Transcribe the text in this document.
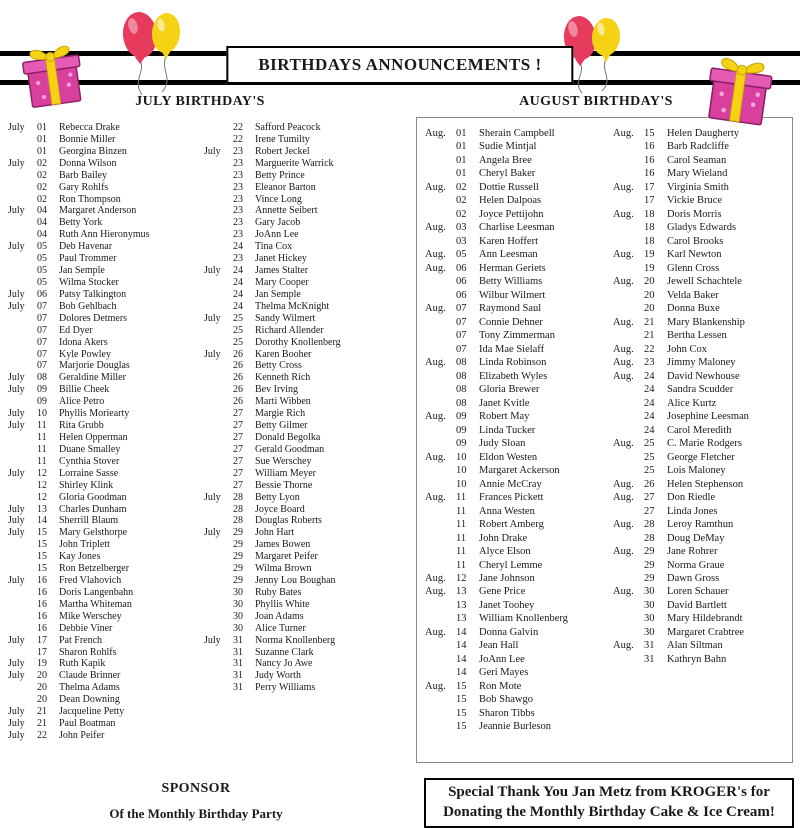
BIRTHDAYS ANNOUNCEMENTS !
JULY BIRTHDAY'S	AUGUST BIRTHDAY'S
July	01	Rebecca Drake
01	Bonnie Miller
01	Georgina Binzen
July	02	Donna Wilson
02	Barb Bailey
02	Gary Rohlfs
02	Ron Thompson
July	04	Margaret Anderson
04	Betty York
04	Ruth Ann Hieronymus
July	05	Deb Havenar
05	Paul Trommer
05	Jan Semple
05	Wilma Stocker
July	06	Patsy Talkington
July	07	Bob Gehlbach
07	Dolores Detmers
07	Ed Dyer
07	Idona Akers
07	Kyle Powley
07	Marjorie Douglas
July	08	Geraldine Miller
July	09	Billie Cheek
09	Alice Petro
July	10	Phyllis Moriearty
July	11	Rita Grubb
11	Helen Opperman
11	Duane Smalley
11	Cynthia Stover
July	12	Lorraine Sasse
12	Shirley Klink
12	Gloria Goodman
July	13	Charles Dunham
July	14	Sherrill Blaum
July	15	Mary Gelsthorpe
15	John Triplett
15	Kay Jones
15	Ron Betzelberger
July	16	Fred Vlahovich
16	Doris Langenbahn
16	Martha Whiteman
16	Mike Werschey
16	Debbie Viner
July	17	Pat French
17	Sharon Rohlfs
July	19	Ruth Kapik
July	20	Claude Brinner
20	Thelma Adams
20	Dean Downing
July	21	Jacqueline Petty
July	21	Paul Boatman
July	22	John Peifer
22	Safford Peacock
22	Irene Tumilty
July	23	Robert Jeckel
23	Marguerite Warrick
23	Betty Prince
23	Eleanor Barton
23	Vince Long
23	Annette Seibert
23	Gary Jacob
23	JoAnn Lee
24	Tina Cox
23	Janet Hickey
July	24	James Stalter
24	Mary Cooper
24	Jan Semple
24	Thelma McKnight
July	25	Sandy Wilmert
25	Richard Allender
25	Dorothy Knollenberg
July	26	Karen Booher
26	Betty Cross
26	Kenneth Rich
26	Bev Irving
26	Marti Wibben
27	Margie Rich
27	Betty Gilmer
27	Donald Begolka
27	Gerald Goodman
27	Sue Werschey
27	William Meyer
27	Bessie Thorne
July	28	Betty Lyon
28	Joyce Board
28	Douglas Roberts
July	29	John Hart
29	James Bowen
29	Margaret Peifer
29	Wilma Brown
29	Jenny Lou Boughan
30	Ruby Bates
30	Phyllis White
30	Joan Adams
30	Alice Turner
July	31	Norma Knollenberg
31	Suzanne Clark
31	Nancy Jo Awe
31	Judy Worth
31	Perry Williams
Aug. 01	Sherain Campbell
01	Sudie Mintjal
01	Angela Bree
01	Cheryl Baker
Aug. 02	Dottie Russell
02	Helen Dalpoas
02	Joyce Pettijohn
Aug. 03	Charlise Leesman
03	Karen Hoffert
Aug. 05	Ann Leesman
Aug. 06	Herman Geriets
06	Betty Williams
06	Wilbur Wilmert
Aug. 07	Raymond Saul
07	Connie Dehner
07	Tony Zimmerman
07	Ida Mae Sielaff
Aug. 08	Linda Robinson
08	Elizabeth Wyles
08	Gloria Brewer
08	Janet Kvitle
Aug. 09	Robert May
09	Linda Tucker
09	Judy Sloan
Aug. 10	Eldon Westen
10	Margaret Ackerson
10	Annie McCray
Aug. 11	Frances Pickett
11	Anna Westen
11	Robert Amberg
11	John Drake
11	Alyce Elson
11	Cheryl Lemme
Aug. 12	Jane Johnson
Aug. 13	Gene Price
13	Janet Toohey
13	William Knollenberg
Aug. 14	Donna Galvin
14	Jean Hall
14	JoAnn Lee
14	Geri Mayes
Aug. 15	Ron Mote
15	Bob Shawgo
15	Sharon Tibbs
15	Jeannie Burleson
Aug. 15	Helen Daugherty
16	Barb Radcliffe
16	Carol Seaman
16	Mary Wieland
Aug. 17	Virginia Smith
17	Vickie Bruce
Aug. 18	Doris Morris
18	Gladys Edwards
18	Carol Brooks
Aug. 19	Karl Newton
19	Glenn Cross
Aug. 20	Jewell Schachtele
20	Velda Baker
20	Donna Buxe
Aug. 21	Mary Blankenship
21	Bertha Lessen
Aug. 22	John Cox
Aug. 23	Jimmy Maloney
Aug. 24	David Newhouse
24	Sandra Scudder
24	Alice Kurtz
24	Josephine Leesman
24	Carol Meredith
Aug. 25	C. Marie Rodgers
25	George Fletcher
25	Lois Maloney
Aug. 26	Helen Stephenson
Aug. 27	Don Riedle
27	Linda Jones
Aug. 28	Leroy Ramthun
28	Doug DeMay
Aug. 29	Jane Rohrer
29	Norma Graue
29	Dawn Gross
Aug. 30	Loren Schauer
30	David Bartlett
30	Mary Hildebrandt
30	Margaret Crabtree
Aug. 31	Alan Siltman
31	Kathryn Bahn
SPONSOR
Of the Monthly Birthday Party
Special Thank You Jan Metz from KROGER's for
Donating the Monthly Birthday Cake & Ice Cream!
